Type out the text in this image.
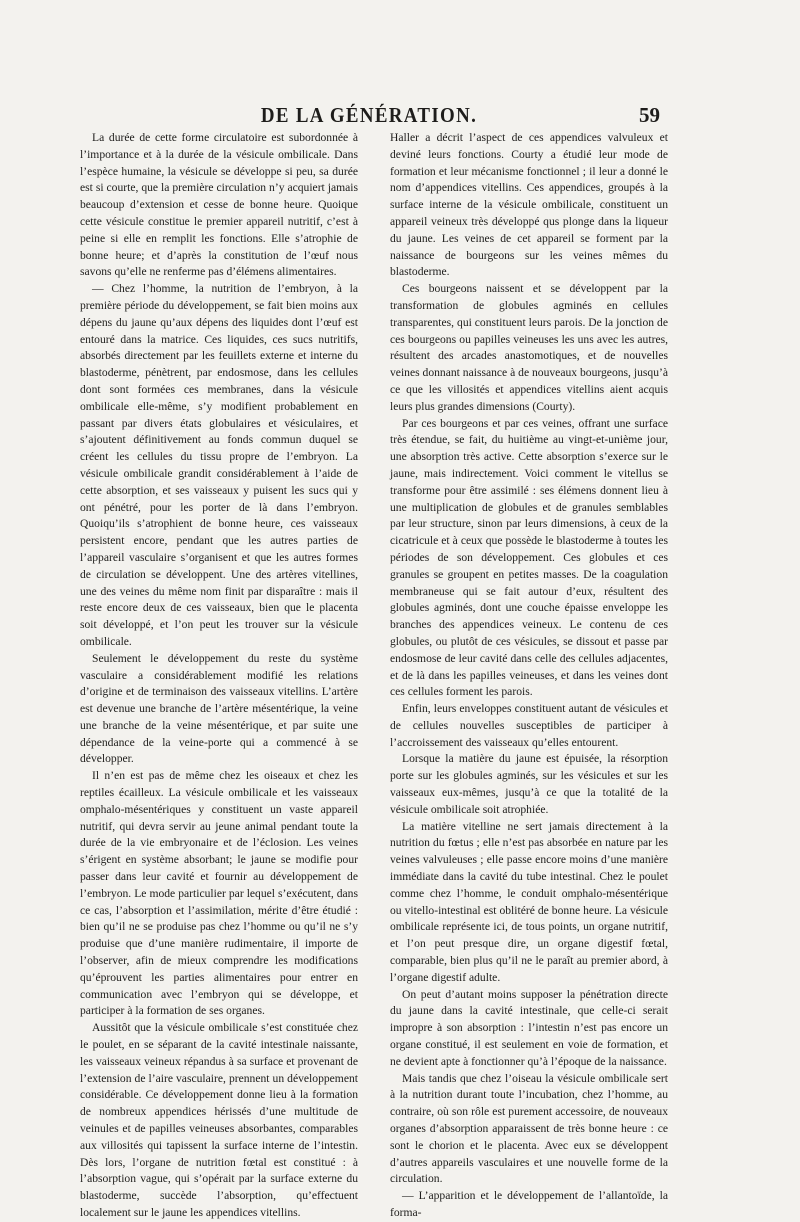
DE LA GÉNÉRATION.	59

La durée de cette forme circulatoire est subordonnée à l’importance et à la durée de la vésicule ombilicale. Dans l’espèce humaine, la vésicule se développe si peu, sa durée est si courte, que la première circulation n’y acquiert jamais beaucoup d’extension et cesse de bonne heure. Quoique cette vésicule constitue le premier appareil nutritif, c’est à peine si elle en remplit les fonctions. Elle s’atrophie de bonne heure; et d’après la constitution de l’œuf nous savons qu’elle ne renferme pas d’élémens alimentaires.

— Chez l’homme, la nutrition de l’embryon, à la première période du développement, se fait bien moins aux dépens du jaune qu’aux dépens des liquides dont l’œuf est entouré dans la matrice. Ces liquides, ces sucs nutritifs, absorbés directement par les feuillets externe et interne du blastoderme, pénètrent, par endosmose, dans les cellules dont sont formées ces membranes, dans la vésicule ombilicale elle-même, s’y modifient probablement en passant par divers états globulaires et vésiculaires, et s’ajoutent définitivement au fonds commun duquel se créent les cellules du tissu propre de l’embryon. La vésicule ombilicale grandit considérablement à l’aide de cette absorption, et ses vaisseaux y puisent les sucs qui y ont pénétré, pour les porter de là dans l’embryon. Quoiqu’ils s’atrophient de bonne heure, ces vaisseaux persistent encore, pendant que les autres parties de l’appareil vasculaire s’organisent et que les autres formes de circulation se développent. Une des artères vitellines, une des veines du même nom finit par disparaître : mais il reste encore deux de ces vaisseaux, bien que le placenta soit développé, et l’on peut les trouver sur la vésicule ombilicale.

Seulement le développement du reste du système vasculaire a considérablement modifié les relations d’origine et de terminaison des vaisseaux vitellins. L’artère est devenue une branche de l’artère mésentérique, la veine une branche de la veine mésentérique, et par suite une dépendance de la veine-porte qui a commencé à se développer.

Il n’en est pas de même chez les oiseaux et chez les reptiles écailleux. La vésicule ombilicale et les vaisseaux omphalo-mésentériques y constituent un vaste appareil nutritif, qui devra servir au jeune animal pendant toute la durée de la vie embryonaire et de l’éclosion. Les veines s’érigent en système absorbant; le jaune se modifie pour passer dans leur cavité et fournir au développement de l’embryon. Le mode particulier par lequel s’exécutent, dans ce cas, l’absorption et l’assimilation, mérite d’être étudié : bien qu’il ne se produise pas chez l’homme ou qu’il ne s’y produise que d’une manière rudimentaire, il importe de l’observer, afin de mieux comprendre les modifications qu’éprouvent les parties alimentaires pour entrer en communication avec l’embryon qui se développe, et participer à la formation de ses organes.

Aussitôt que la vésicule ombilicale s’est constituée chez le poulet, en se séparant de la cavité intestinale naissante, les vaisseaux veineux répandus à sa surface et provenant de l’extension de l’aire vasculaire, prennent un développement considérable. Ce développement donne lieu à la formation de nombreux appendices hérissés d’une multitude de veinules et de papilles veineuses absorbantes, comparables aux villosités qui tapissent la surface interne de l’intestin. Dès lors, l’organe de nutrition fœtal est constitué : à l’absorption vague, qui s’opérait par la surface externe du blastoderme, succède l’absorption, qu’effectuent localement sur le jaune les appendices vitellins.

Haller a décrit l’aspect de ces appendices valvuleux et deviné leurs fonctions. Courty a étudié leur mode de formation et leur mécanisme fonctionnel ; il leur a donné le nom d’appendices vitellins. Ces appendices, groupés à la surface interne de la vésicule ombilicale, constituent un appareil veineux très développé qus plonge dans la liqueur du jaune. Les veines de cet appareil se forment par la naissance de bourgeons sur les veines mêmes du blastoderme.

Ces bourgeons naissent et se développent par la transformation de globules agminés en cellules transparentes, qui constituent leurs parois. De la jonction de ces bourgeons ou papilles veineuses les uns avec les autres, résultent des arcades anastomotiques, et de nouvelles veines donnant naissance à de nouveaux bourgeons, jusqu’à ce que les villosités et appendices vitellins aient acquis leurs plus grandes dimensions (Courty).

Par ces bourgeons et par ces veines, offrant une surface très étendue, se fait, du huitième au vingt-et-unième jour, une absorption très active. Cette absorption s’exerce sur le jaune, mais indirectement. Voici comment le vitellus se transforme pour être assimilé : ses élémens donnent lieu à une multiplication de globules et de granules semblables par leur structure, sinon par leurs dimensions, à ceux de la cicatricule et à ceux que possède le blastoderme à toutes les périodes de son développement. Ces globules et ces granules se groupent en petites masses. De la coagulation membraneuse qui se fait autour d’eux, résultent des globules agminés, dont une couche épaisse enveloppe les branches des appendices veineux. Le contenu de ces globules, ou plutôt de ces vésicules, se dissout et passe par endosmose de leur cavité dans celle des cellules adjacentes, et de là dans les papilles veineuses, et dans les veines dont ces cellules forment les parois.

Enfin, leurs enveloppes constituent autant de vésicules et de cellules nouvelles susceptibles de participer à l’accroissement des vaisseaux qu’elles entourent.

Lorsque la matière du jaune est épuisée, la résorption porte sur les globules agminés, sur les vésicules et sur les vaisseaux eux-mêmes, jusqu’à ce que la totalité de la vésicule ombilicale soit atrophiée.

La matière vitelline ne sert jamais directement à la nutrition du fœtus ; elle n’est pas absorbée en nature par les veines valvuleuses ; elle passe encore moins d’une manière immédiate dans la cavité du tube intestinal. Chez le poulet comme chez l’homme, le conduit omphalo-mésentérique ou vitello-intestinal est oblitéré de bonne heure. La vésicule ombilicale représente ici, de tous points, un organe nutritif, et l’on peut presque dire, un organe digestif fœtal, comparable, bien plus qu’il ne le paraît au premier abord, à l’organe digestif adulte.

On peut d’autant moins supposer la pénétration directe du jaune dans la cavité intestinale, que celle-ci serait impropre à son absorption : l’intestin n’est pas encore un organe constitué, il est seulement en voie de formation, et ne devient apte à fonctionner qu’à l’époque de la naissance.

Mais tandis que chez l’oiseau la vésicule ombilicale sert à la nutrition durant toute l’incubation, chez l’homme, au contraire, où son rôle est purement accessoire, de nouveaux organes d’absorption apparaissent de très bonne heure : ce sont le chorion et le placenta. Avec eux se développent d’autres appareils vasculaires et une nouvelle forme de la circulation.

— L’apparition et le développement de l’allantoïde, la forma-
